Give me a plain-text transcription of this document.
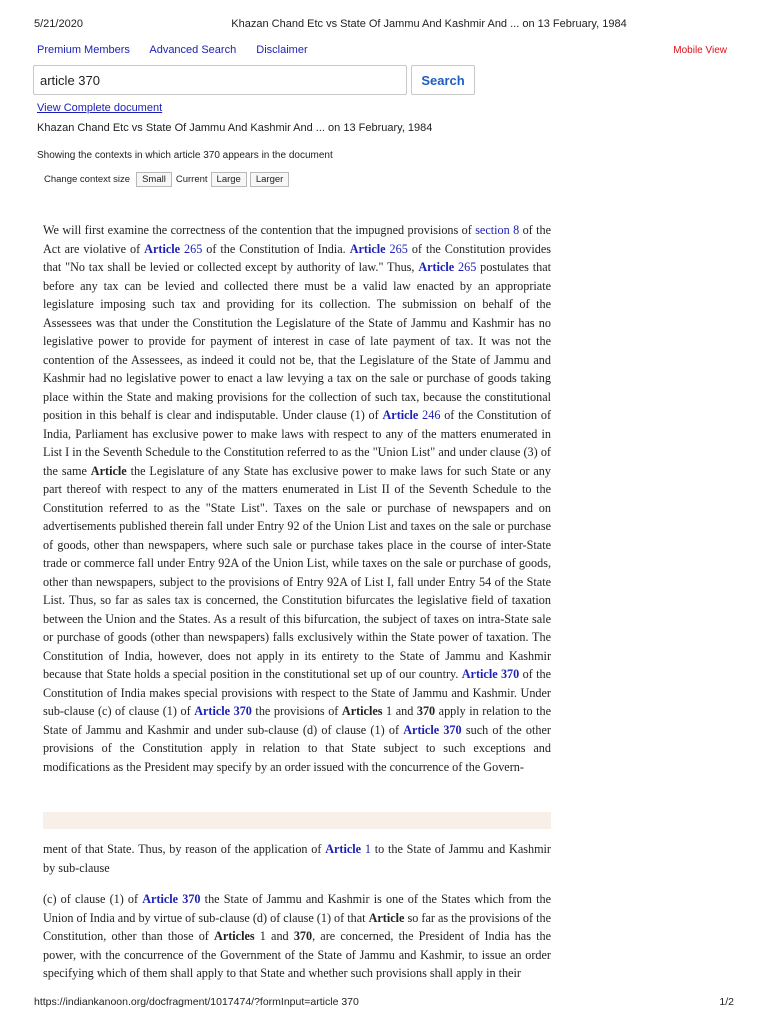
5/21/2020	Khazan Chand Etc vs State Of Jammu And Kashmir And ... on 13 February, 1984
Premium Members Advanced Search Disclaimer	Mobile View
article 370
Search
View Complete document
Khazan Chand Etc vs State Of Jammu And Kashmir And ... on 13 February, 1984
Showing the contexts in which article 370 appears in the document
Change context size	Small	Current Large	Larger

We will first examine the correctness of the contention that the impugned provisions of section 8 of the Act are violative of Article 265 of the Constitution of India. Article 265 of the Constitution provides that "No tax shall be levied or collected except by authority of law." Thus, Article 265 postulates that before any tax can be levied and collected there must be a valid law enacted by an appropriate legislature imposing such tax and providing for its collection. The submission on behalf of the Assessees was that under the Constitution the Legislature of the State of Jammu and Kashmir has no legislative power to provide for payment of interest in case of late payment of tax. It was not the contention of the Assessees, as indeed it could not be, that the Legislature of the State of Jammu and Kashmir had no legislative power to enact a law levying a tax on the sale or purchase of goods taking place within the State and making provisions for the collection of such tax, because the constitutional position in this behalf is clear and indisputable. Under clause (1) of Article 246 of the Constitution of India, Parliament has exclusive power to make laws with respect to any of the matters enumerated in List I in the Seventh Schedule to the Constitution referred to as the "Union List" and under clause (3) of the same Article the Legislature of any State has exclusive power to make laws for such State or any part thereof with respect to any of the matters enumerated in List II of the Seventh Schedule to the Constitution referred to as the "State List". Taxes on the sale or purchase of newspapers and on advertisements published therein fall under Entry 92 of the Union List and taxes on the sale or purchase of goods, other than newspapers, where such sale or purchase takes place in the course of inter-State trade or commerce fall under Entry 92A of the Union List, while taxes on the sale or purchase of goods, other than newspapers, subject to the provisions of Entry 92A of List I, fall under Entry 54 of the State List. Thus, so far as sales tax is concerned, the Constitution bifurcates the legislative field of taxation between the Union and the States. As a result of this bifurcation, the subject of taxes on intra-State sale or purchase of goods (other than newspapers) falls exclusively within the State power of taxation. The Constitution of India, however, does not apply in its entirety to the State of Jammu and Kashmir because that State holds a special position in the constitutional set up of our country. Article 370 of the Constitution of India makes special provisions with respect to the State of Jammu and Kashmir. Under sub-clause (c) of clause (1) of Article 370 the provisions of Articles 1 and 370 apply in relation to the State of Jammu and Kashmir and under sub-clause (d) of clause (1) of Article 370 such of the other provisions of the Constitution apply in relation to that State subject to such exceptions and modifications as the President may specify by an order issued with the concurrence of the Govern-

ment of that State. Thus, by reason of the application of Article 1 to the State of Jammu and Kashmir by sub-clause

(c) of clause (1) of Article 370 the State of Jammu and Kashmir is one of the States which from the Union of India and by virtue of sub-clause (d) of clause (1) of that Article so far as the provisions of the Constitution, other than those of Articles 1 and 370, are concerned, the President of India has the power, with the concurrence of the Government of the State of Jammu and Kashmir, to issue an order specifying which of them shall apply to that State and whether such provisions shall apply in their

https://indiankanoon.org/docfragment/1017474/?formInput=article 370	1/2
